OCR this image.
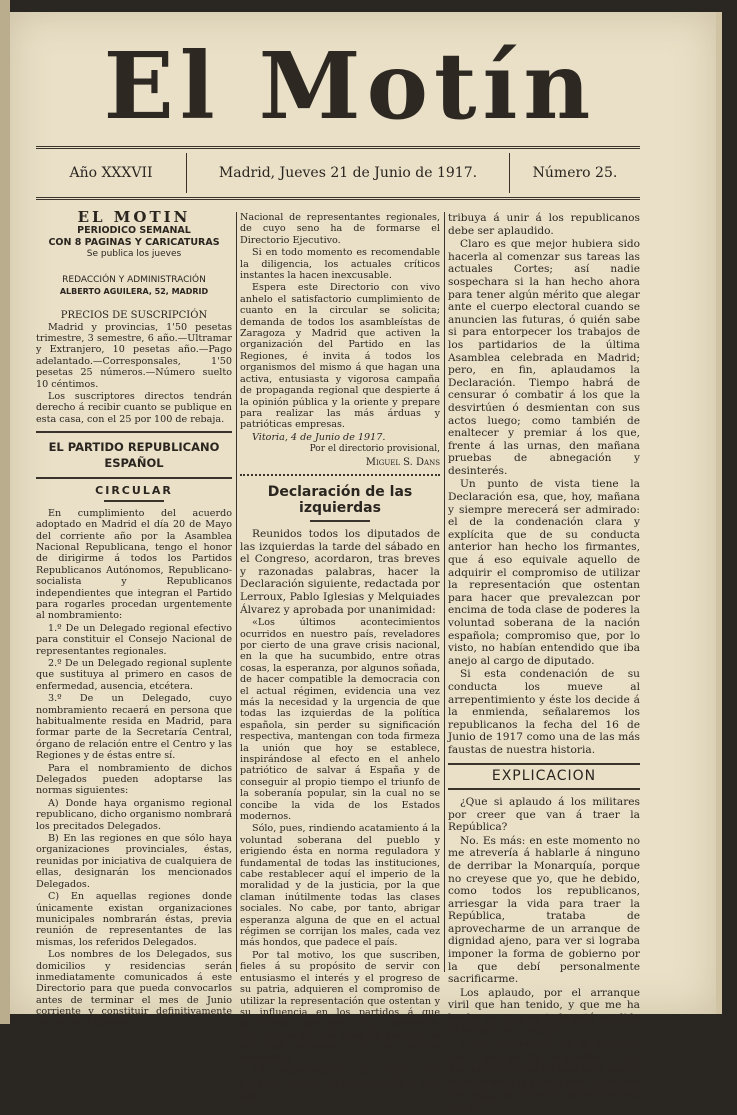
El Motín
Año XXXVII	Madrid, Jueves 21 de Junio de 1917.	Número 25.
EL MOTIN
PERIODICO SEMANAL
CON 8 PAGINAS Y CARICATURAS
Se publica los jueves
REDACCIÓN Y ADMINISTRACIÓN
ALBERTO AGUILERA, 52, MADRID
PRECIOS DE SUSCRIPCIÓN

Madrid y provincias, 1'50 pesetas trimestre, 3 semestre, 6 año.—Ultramar y Extranjero, 10 pesetas año.—Pago adelantado.—Corresponsales, 1'50 pesetas 25 números.—Número suelto 10 céntimos.

Los suscriptores directos tendrán derecho á recibir cuanto se publique en esta casa, con el 25 por 100 de rebaja.

EL PARTIDO REPUBLICANO ESPAÑOL
CIRCULAR

En cumplimiento del acuerdo adoptado en Madrid el día 20 de Mayo del corriente año por la Asamblea Nacional Republicana, tengo el honor de dirigirme á todos los Partidos Republicanos Autónomos, Republicano-socialista y Republicanos independientes que integran el Partido para rogarles procedan urgentemente al nombramiento:

1.º De un Delegado regional efectivo para constituir el Consejo Nacional de representantes regionales.

2.º De un Delegado regional suplente que sustituya al primero en casos de enfermedad, ausencia, etcétera.

3.º De un Delegado, cuyo nombramiento recaerá en persona que habitualmente resida en Madrid, para formar parte de la Secretaría Central, órgano de relación entre el Centro y las Regiones y de éstas entre sí.

Para el nombramiento de dichos Delegados pueden adoptarse las normas siguientes:

A) Donde haya organismo regional republicano, dicho organismo nombrará los precitados Delegados.

B) En las regiones en que sólo haya organizaciones provinciales, éstas, reunidas por iniciativa de cualquiera de ellas, designarán los mencionados Delegados.

C) En aquellas regiones donde únicamente existan organizaciones municipales nombrarán éstas, previa reunión de representantes de las mismas, los referidos Delegados.

Los nombres de los Delegados, sus domicilios y residencias serán inmediatamente comunicados á este Directorio para que pueda convocarlos antes de terminar el mes de Junio corriente y constituir definitivamente con ellos el Consejo

Nacional de representantes regionales, de cuyo seno ha de formarse el Directorio Ejecutivo.

Si en todo momento es recomendable la diligencia, los actuales críticos instantes la hacen inexcusable.

Espera este Directorio con vivo anhelo el satisfactorio cumplimiento de cuanto en la circular se solicita; demanda de todos los asambleístas de Zaragoza y Madrid que activen la organización del Partido en las Regiones, é invita á todos los organismos del mismo á que hagan una activa, entusiasta y vigorosa campaña de propaganda regional que despierte á la opinión pública y la oriente y prepare para realizar las más árduas y patrióticas empresas.

Vitoria, 4 de Junio de 1917.

Por el directorio provisional,

Miguel S. Dans

Declaración de las izquierdas

Reunidos todos los diputados de las izquierdas la tarde del sábado en el Congreso, acordaron, tras breves y razonadas palabras, hacer la Declaración siguiente, redactada por Lerroux, Pablo Iglesias y Melquiades Álvarez y aprobada por unanimidad:

«Los últimos acontecimientos ocurridos en nuestro país, reveladores por cierto de una grave crisis nacional, en la que ha sucumbido, entre otras cosas, la esperanza, por algunos soñada, de hacer compatible la democracia con el actual régimen, evidencia una vez más la necesidad y la urgencia de que todas las izquierdas de la política española, sin perder su significación respectiva, mantengan con toda firmeza la unión que hoy se establece, inspirándose al efecto en el anhelo patriótico de salvar á España y de conseguir al propio tiempo el triunfo de la soberanía popular, sin la cual no se concibe la vida de los Estados modernos.

Sólo, pues, rindiendo acatamiento á la voluntad soberana del pueblo y erigiendo ésta en norma reguladora y fundamental de todas las instituciones, cabe restablecer aquí el imperio de la moralidad y de la justicia, por la que claman inútilmente todas las clases sociales. No cabe, por tanto, abrigar esperanza alguna de que en el actual régimen se corrijan los males, cada vez más hondos, que padece el país.

Por tal motivo, los que suscriben, fieles á su propósito de servir con entusiasmo el interés y el progreso de su patria, adquieren el compromiso de utilizar la representación que ostentan y su influencia en los partidos á que pertenecen para hacer que prevalezca, por encima de toda clase de poderes, la voluntad soberana de la nación española.»

La declaración es digna de aplauso, ¿quién lo duda? Todo lo que con-

tribuya á unir á los republicanos debe ser aplaudido.

Claro es que mejor hubiera sido hacerla al comenzar sus tareas las actuales Cortes; así nadie sospechara si la han hecho ahora para tener algún mérito que alegar ante el cuerpo electoral cuando se anuncien las futuras, ó quién sabe si para entorpecer los trabajos de los partidarios de la última Asamblea celebrada en Madrid; pero, en fin, aplaudamos la Declaración. Tiempo habrá de censurar ó combatir á los que la desvirtúen ó desmientan con sus actos luego; como también de enaltecer y premiar á los que, frente á las urnas, den mañana pruebas de abnegación y desinterés.

Un punto de vista tiene la Declaración esa, que, hoy, mañana y siempre merecerá ser admirado: el de la condenación clara y explícita que de su conducta anterior han hecho los firmantes, que á eso equivale aquello de adquirir el compromiso de utilizar la representación que ostentan para hacer que prevalezcan por encima de toda clase de poderes la voluntad soberana de la nación española; compromiso que, por lo visto, no habían entendido que iba anejo al cargo de diputado.

Si esta condenación de su conducta los mueve al arrepentimiento y éste los decide á la enmienda, señalaremos los republicanos la fecha del 16 de Junio de 1917 como una de las más faustas de nuestra historia.

EXPLICACION

¿Que si aplaudo á los militares por creer que van á traer la República?

No. Es más: en este momento no me atrevería á hablarle á ninguno de derribar la Monarquía, porque no creyese que yo, que he debido, como todos los republicanos, arriesgar la vida para traer la República, trataba de aprovecharme de un arranque de dignidad ajeno, para ver si lograba imponer la forma de gobierno por la que debí personalmente sacrificarme.

Los aplaudo, por el arranque viril que han tenido, y que me ha hecho ver que no todo está perdido ni muerto en España.

Y los secundaría en la modesta parte que ya me es posible, si un día, convencidos de que sólo puede regenerarse la Patria por el camino que sigo, se echaran resueltamente por él.
